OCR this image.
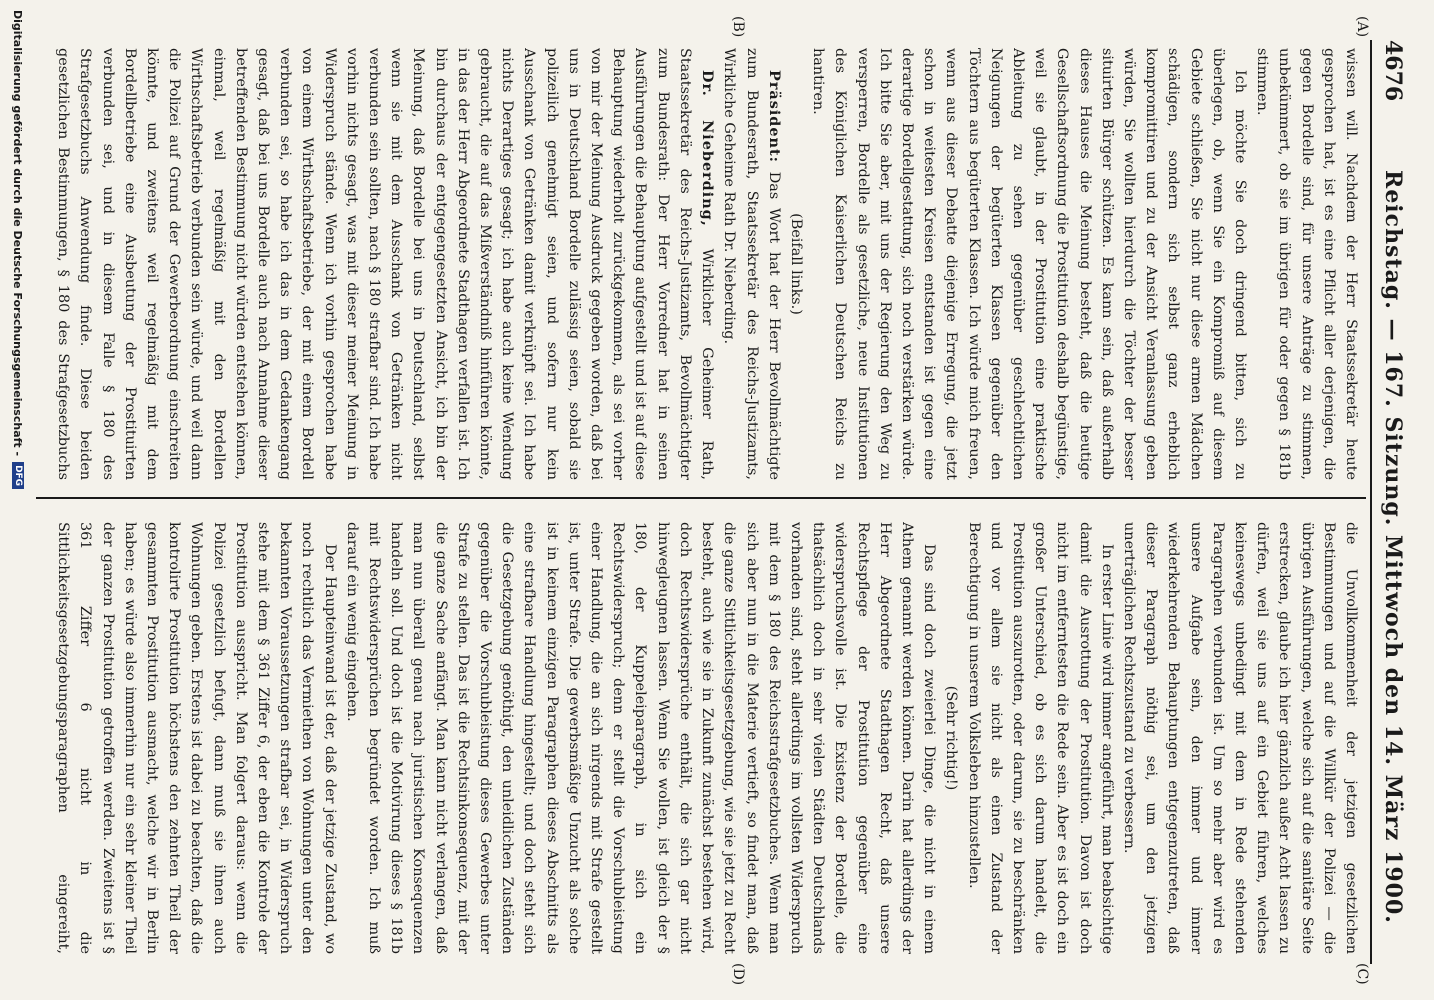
4676
Reichstag. — 167. Sitzung. Mittwoch den 14. März 1900.
(A)
(B)
(C)
(D)

wissen will. Nachdem der Herr Staatssekretär heute gesprochen hat, ist es eine Pflicht aller derjenigen, die gegen Bordelle sind, für unsere Anträge zu stimmen, unbekümmert, ob sie im übrigen für oder gegen § 181b stimmen.

Ich möchte Sie doch dringend bitten, sich zu überlegen, ob, wenn Sie ein Kompromiß auf diesem Gebiete schließen, Sie nicht nur diese armen Mädchen schädigen, sondern sich selbst ganz erheblich kompromittiren und zu der Ansicht Veranlassung geben würden, Sie wollten hierdurch die Töchter der besser situirten Bürger schützen. Es kann sein, daß außerhalb dieses Hauses die Meinung besteht, daß die heutige Gesellschaftsordnung die Prostitution deshalb begünstige, weil sie glaubt, in der Prostitution eine praktische Ableitung zu sehen gegenüber geschlechtlichen Neigungen der begüterten Klassen gegenüber den Töchtern aus begüterten Klassen. Ich würde mich freuen, wenn aus dieser Debatte diejenige Erregung, die jetzt schon in weitesten Kreisen entstanden ist gegen eine derartige Bordellgestattung, sich noch verstärken würde. Ich bitte Sie aber, mit uns der Regierung den Weg zu versperren, Bordelle als gesetzliche, neue Institutionen des Königlichen Kaiserlichen Deutschen Reichs zu hantiren.

(Beifall links.)

Präsident: Das Wort hat der Herr Bevollmächtigte zum Bundesrath, Staatssekretär des Reichs-Justizamts, Wirkliche Geheime Rath Dr. Nieberding.

Dr. Nieberding, Wirklicher Geheimer Rath, Staatssekretär des Reichs-Justizamts, Bevollmächtigter zum Bundesrath: Der Herr Vorredner hat in seinen Ausführungen die Behauptung aufgestellt und ist auf diese Behauptung wiederholt zurückgekommen, als sei vorher von mir der Meinung Ausdruck gegeben worden, daß bei uns in Deutschland Bordelle zulässig seien, sobald sie polizeilich genehmigt seien, und sofern nur kein Ausschank von Getränken damit verknüpft sei. Ich habe nichts Derartiges gesagt; ich habe auch keine Wendung gebraucht, die auf das Mißverständniß hinführen könnte, in das der Herr Abgeordnete Stadthagen verfallen ist. Ich bin durchaus der entgegengesetzten Ansicht, ich bin der Meinung, daß Bordelle bei uns in Deutschland, selbst wenn sie mit dem Ausschank von Getränken nicht verbunden sein sollten, nach § 180 strafbar sind. Ich habe vorhin nichts gesagt, was mit dieser meiner Meinung in Widerspruch stände. Wenn ich vorhin gesprochen habe von einem Wirthschaftsbetriebe, der mit einem Bordell verbunden sei, so habe ich das in dem Gedankengang gesagt, daß bei uns Bordelle auch nach Annahme dieser betreffenden Bestimmung nicht würden entstehen können, einmal, weil regelmäßig mit den Bordellen Wirthschaftsbetrieb verbunden sein würde, und weil dann die Polizei auf Grund der Gewerbeordnung einschreiten könnte, und zweitens weil regelmäßig mit dem Bordellbetriebe eine Ausbeutung der Prostituirten verbunden sei, und in diesem Falle § 180 des Strafgesetzbuchs Anwendung finde. Diese beiden gesetzlichen Bestimmungen, § 180 des Strafgesetzbuchs

die Unvollkommenheit der jetzigen gesetzlichen Bestimmungen und auf die Willkür der Polizei — die übrigen Ausführungen, welche sich auf die sanitäre Seite erstrecken, glaube ich hier gänzlich außer Acht lassen zu dürfen, weil sie uns auf ein Gebiet führen, welches keineswegs unbedingt mit dem in Rede stehenden Paragraphen verbunden ist. Um so mehr aber wird es unsere Aufgabe sein, den immer und immer wiederkehrenden Behauptungen entgegenzutreten, daß dieser Paragraph nöthig sei, um den jetzigen unerträglichen Rechtszustand zu verbessern.

In erster Linie wird immer angeführt, man beabsichtige damit die Ausrottung der Prostitution. Davon ist doch nicht im entferntesten die Rede sein. Aber es ist doch ein großer Unterschied, ob es sich darum handelt, die Prostitution auszurotten, oder darum, sie zu beschränken und vor allem sie nicht als einen Zustand der Berechtigung in unserem Volksleben hinzustellen.

(Sehr richtig!)

Das sind doch zweierlei Dinge, die nicht in einem Athem genannt werden können. Darin hat allerdings der Herr Abgeordnete Stadthagen Recht, daß unsere Rechtspflege der Prostitution gegenüber eine widerspruchsvolle ist. Die Existenz der Bordelle, die thatsächlich doch in sehr vielen Städten Deutschlands vorhanden sind, steht allerdings im vollsten Widerspruch mit dem § 180 des Reichsstrafgesetzbuches. Wenn man sich aber nun in die Materie vertieft, so findet man, daß die ganze Sittlichkeitsgesetzgebung, wie sie jetzt zu Recht besteht, auch wie sie in Zukunft zunächst bestehen wird, doch Rechtswidersprüche enthält, die sich gar nicht hinwegleugnen lassen. Wenn Sie wollen, ist gleich der § 180, der Kuppeleiparagraph, in sich ein Rechtswiderspruch; denn er stellt die Vorschubleistung einer Handlung, die an sich nirgends mit Strafe gestellt ist, unter Strafe. Die gewerbsmäßige Unzucht als solche ist in keinem einzigen Paragraphen dieses Abschnitts als eine strafbare Handlung hingestellt; und doch steht sich die Gesetzgebung genöthigt, den unleidlichen Zuständen gegenüber die Vorschubleistung dieses Gewerbes unter Strafe zu stellen. Das ist die Rechtsinkonsequenz, mit der die ganze Sache anfängt. Man kann nicht verlangen, daß man nun überall genau nach juristischen Konsequenzen handeln soll. Und doch ist die Motivirung dieses § 181b mit Rechtswidersprüchen begründet worden. Ich muß darauf ein wenig eingehen.

Der Haupteinwand ist der, daß der jetzige Zustand, wo noch rechtlich das Vermiethen von Wohnungen unter den bekannten Voraussetzungen strafbar sei, in Widerspruch stehe mit dem § 361 Ziffer 6, der eben die Kontrole der Prostitution ausspricht. Man folgert daraus: wenn die Polizei gesetzlich befugt, dann muß sie ihnen auch Wohnungen geben. Erstens ist dabei zu beachten, daß die kontrolirte Prostitution höchstens den zehnten Theil der gesammten Prostitution ausmacht, welche wir in Berlin haben; es würde also immerhin nur ein sehr kleiner Theil der ganzen Prostitution getroffen werden. Zweitens ist § 361 Ziffer 6 nicht in die Sittlichkeitsgesetzgebungsparagraphen eingereiht,

Digitalisierung gefördert durch die Deutsche Forschungsgemeinschaft -
DFG
